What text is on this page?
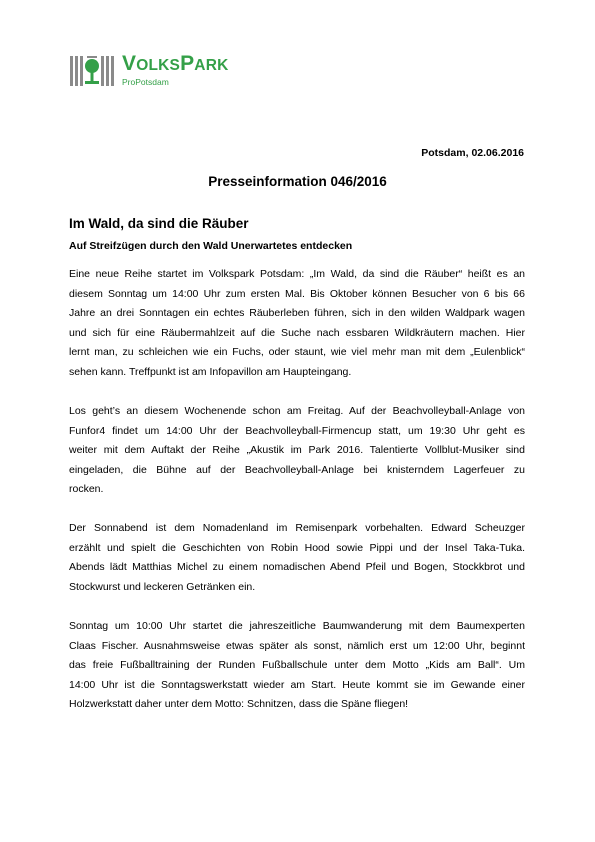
VOLKSPARK
ProPotsdam
Potsdam, 02.06.2016
Presseinformation 046/2016
Im Wald, da sind die Räuber
Auf Streifzügen durch den Wald Unerwartetes entdecken
Eine neue Reihe startet im Volkspark Potsdam: „Im Wald, da sind die Räuber“ heißt es an
diesem Sonntag um 14:00 Uhr zum ersten Mal. Bis Oktober können Besucher von 6 bis 66
Jahre an drei Sonntagen ein echtes Räuberleben führen, sich in den wilden Waldpark wagen
und sich für eine Räubermahlzeit auf die Suche nach essbaren Wildkräutern machen. Hier
lernt man, zu schleichen wie ein Fuchs, oder staunt, wie viel mehr man mit dem „Eulenblick“
sehen kann. Treffpunkt ist am Infopavillon am Haupteingang.
Los geht’s an diesem Wochenende schon am Freitag. Auf der Beachvolleyball-Anlage von
Funfor4 findet um 14:00 Uhr der Beachvolleyball-Firmencup statt, um 19:30 Uhr geht es
weiter mit dem Auftakt der Reihe „Akustik im Park 2016. Talentierte Vollblut-Musiker sind
eingeladen, die Bühne auf der Beachvolleyball-Anlage bei knisterndem Lagerfeuer zu
rocken.
Der Sonnabend ist dem Nomadenland im Remisenpark vorbehalten. Edward Scheuzger
erzählt und spielt die Geschichten von Robin Hood sowie Pippi und der Insel Taka-Tuka.
Abends lädt Matthias Michel zu einem nomadischen Abend Pfeil und Bogen, Stockkbrot und
Stockwurst und leckeren Getränken ein.
Sonntag um 10:00 Uhr startet die jahreszeitliche Baumwanderung mit dem Baumexperten
Claas Fischer. Ausnahmsweise etwas später als sonst, nämlich erst um 12:00 Uhr, beginnt
das freie Fußballtraining der Runden Fußballschule unter dem Motto „Kids am Ball“. Um
14:00 Uhr ist die Sonntagswerkstatt wieder am Start. Heute kommt sie im Gewande einer
Holzwerkstatt daher unter dem Motto: Schnitzen, dass die Späne fliegen!
